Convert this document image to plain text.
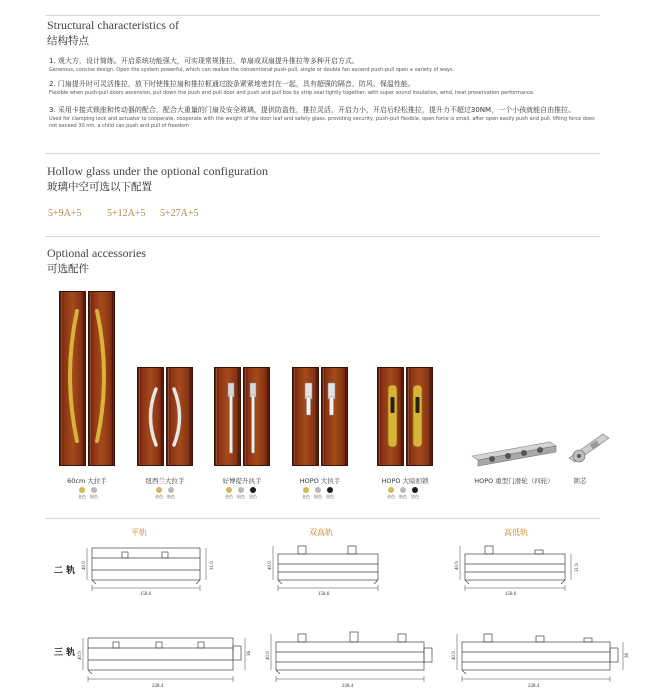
Structural characteristics of
结构特点
1. 观大方，设计简练。开启系统功能强大，可实现常规推拉、单扇或双扇提升推拉等多种开启方式。
Generous, concise design. Open the system powerful, which can realize the conventional push-pull, single or double fan ascend push-pull open a variety of ways.
2. 门扇提升时可灵活推拉，放下时使推拉扇和推拉框通过胶条紧紧地密封在一起，具有超强的隔音、防风、保温性能。
Flexible when push-pull doors ascension, put down the push and pull door and push and pull box by strip seal tightly together, with super sound insulation, wind, heat preservation performance.
3. 采用卡接式锁座和传动器的配合，配合大重量的门扇及安全玻璃，提供防盗性，推拉灵活，开启力小，开启后轻松推拉，提升力不超过30NM，一个小孩就能自由推拉。
Used for clamping lock and actuator to cooperate, cooperate with the weight of the door leaf and safety glass, providing security, push-pull flexible, open force is small, after open easily push and pull, lifting force does not exceed 30 nm, a child can push and pull of freedom
Hollow glass under the optional configuration
玻璃中空可选以下配置
5+9A+5	5+12A+5 5+27A+5
Optional accessories
可选配件
60cm 大拉手
金色 银色
纽西兰大拉手
金色 银色
好博提升执手
金色 银色 黑色
HOPO 大执手
金色 银色 黑色
HOPO 大暗扣锁
金色 银色 黑色
HOPO 重型门滑轮（四轮）	锁芯
平轨	双高轨	高低轨
二 轨
三 轨
158.6
40.9	31.9
158.6
40.9
158.6
40.9	31.9
228.4
40.9	36
228.4
40.9
228.4
40.9	36
